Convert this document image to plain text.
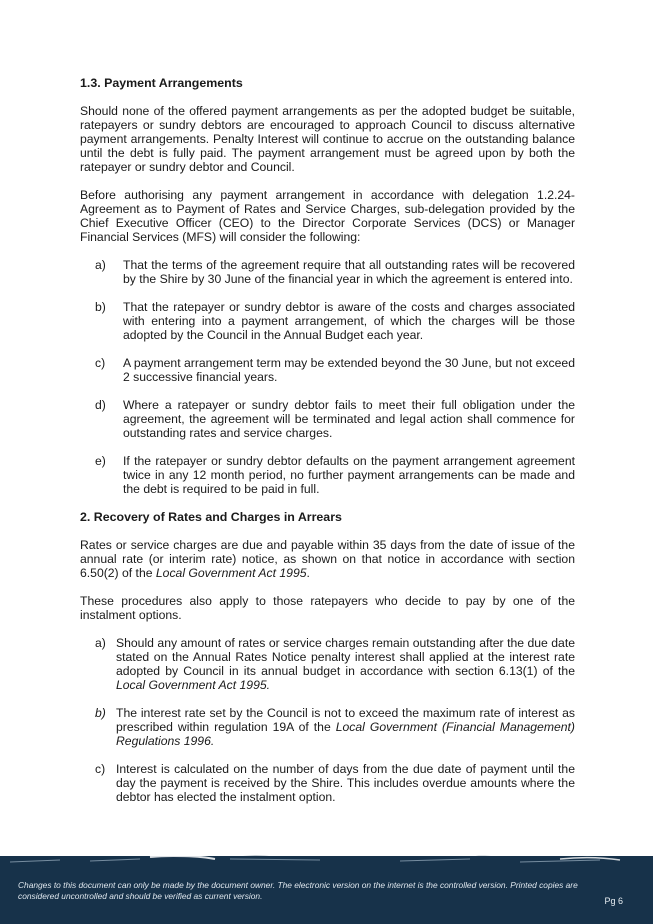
1.3. Payment Arrangements

Should none of the offered payment arrangements as per the adopted budget be suitable, ratepayers or sundry debtors are encouraged to approach Council to discuss alternative payment arrangements. Penalty Interest will continue to accrue on the outstanding balance until the debt is fully paid. The payment arrangement must be agreed upon by both the ratepayer or sundry debtor and Council.

Before authorising any payment arrangement in accordance with delegation 1.2.24-Agreement as to Payment of Rates and Service Charges, sub-delegation provided by the Chief Executive Officer (CEO) to the Director Corporate Services (DCS) or Manager Financial Services (MFS) will consider the following:

a)	That the terms of the agreement require that all outstanding rates will be recovered by the Shire by 30 June of the financial year in which the agreement is entered into.
b)	That the ratepayer or sundry debtor is aware of the costs and charges associated with entering into a payment arrangement, of which the charges will be those adopted by the Council in the Annual Budget each year.
c)	A payment arrangement term may be extended beyond the 30 June, but not exceed 2 successive financial years.
d)	Where a ratepayer or sundry debtor fails to meet their full obligation under the agreement, the agreement will be terminated and legal action shall commence for outstanding rates and service charges.
e)	If the ratepayer or sundry debtor defaults on the payment arrangement agreement twice in any 12 month period, no further payment arrangements can be made and the debt is required to be paid in full.
2. Recovery of Rates and Charges in Arrears

Rates or service charges are due and payable within 35 days from the date of issue of the annual rate (or interim rate) notice, as shown on that notice in accordance with section 6.50(2) of the Local Government Act 1995.

These procedures also apply to those ratepayers who decide to pay by one of the instalment options.

a) Should any amount of rates or service charges remain outstanding after the due date stated on the Annual Rates Notice penalty interest shall applied at the interest rate adopted by Council in its annual budget in accordance with section 6.13(1) of the Local Government Act 1995.
b) The interest rate set by the Council is not to exceed the maximum rate of interest as prescribed within regulation 19A of the Local Government (Financial Management) Regulations 1996.
c) Interest is calculated on the number of days from the due date of payment until the day the payment is received by the Shire. This includes overdue amounts where the debtor has elected the instalment option.
Changes to this document can only be made by the document owner. The electronic version on the internet is the controlled version. Printed copies are considered uncontrolled and should be verified as current version.	Pg 6
